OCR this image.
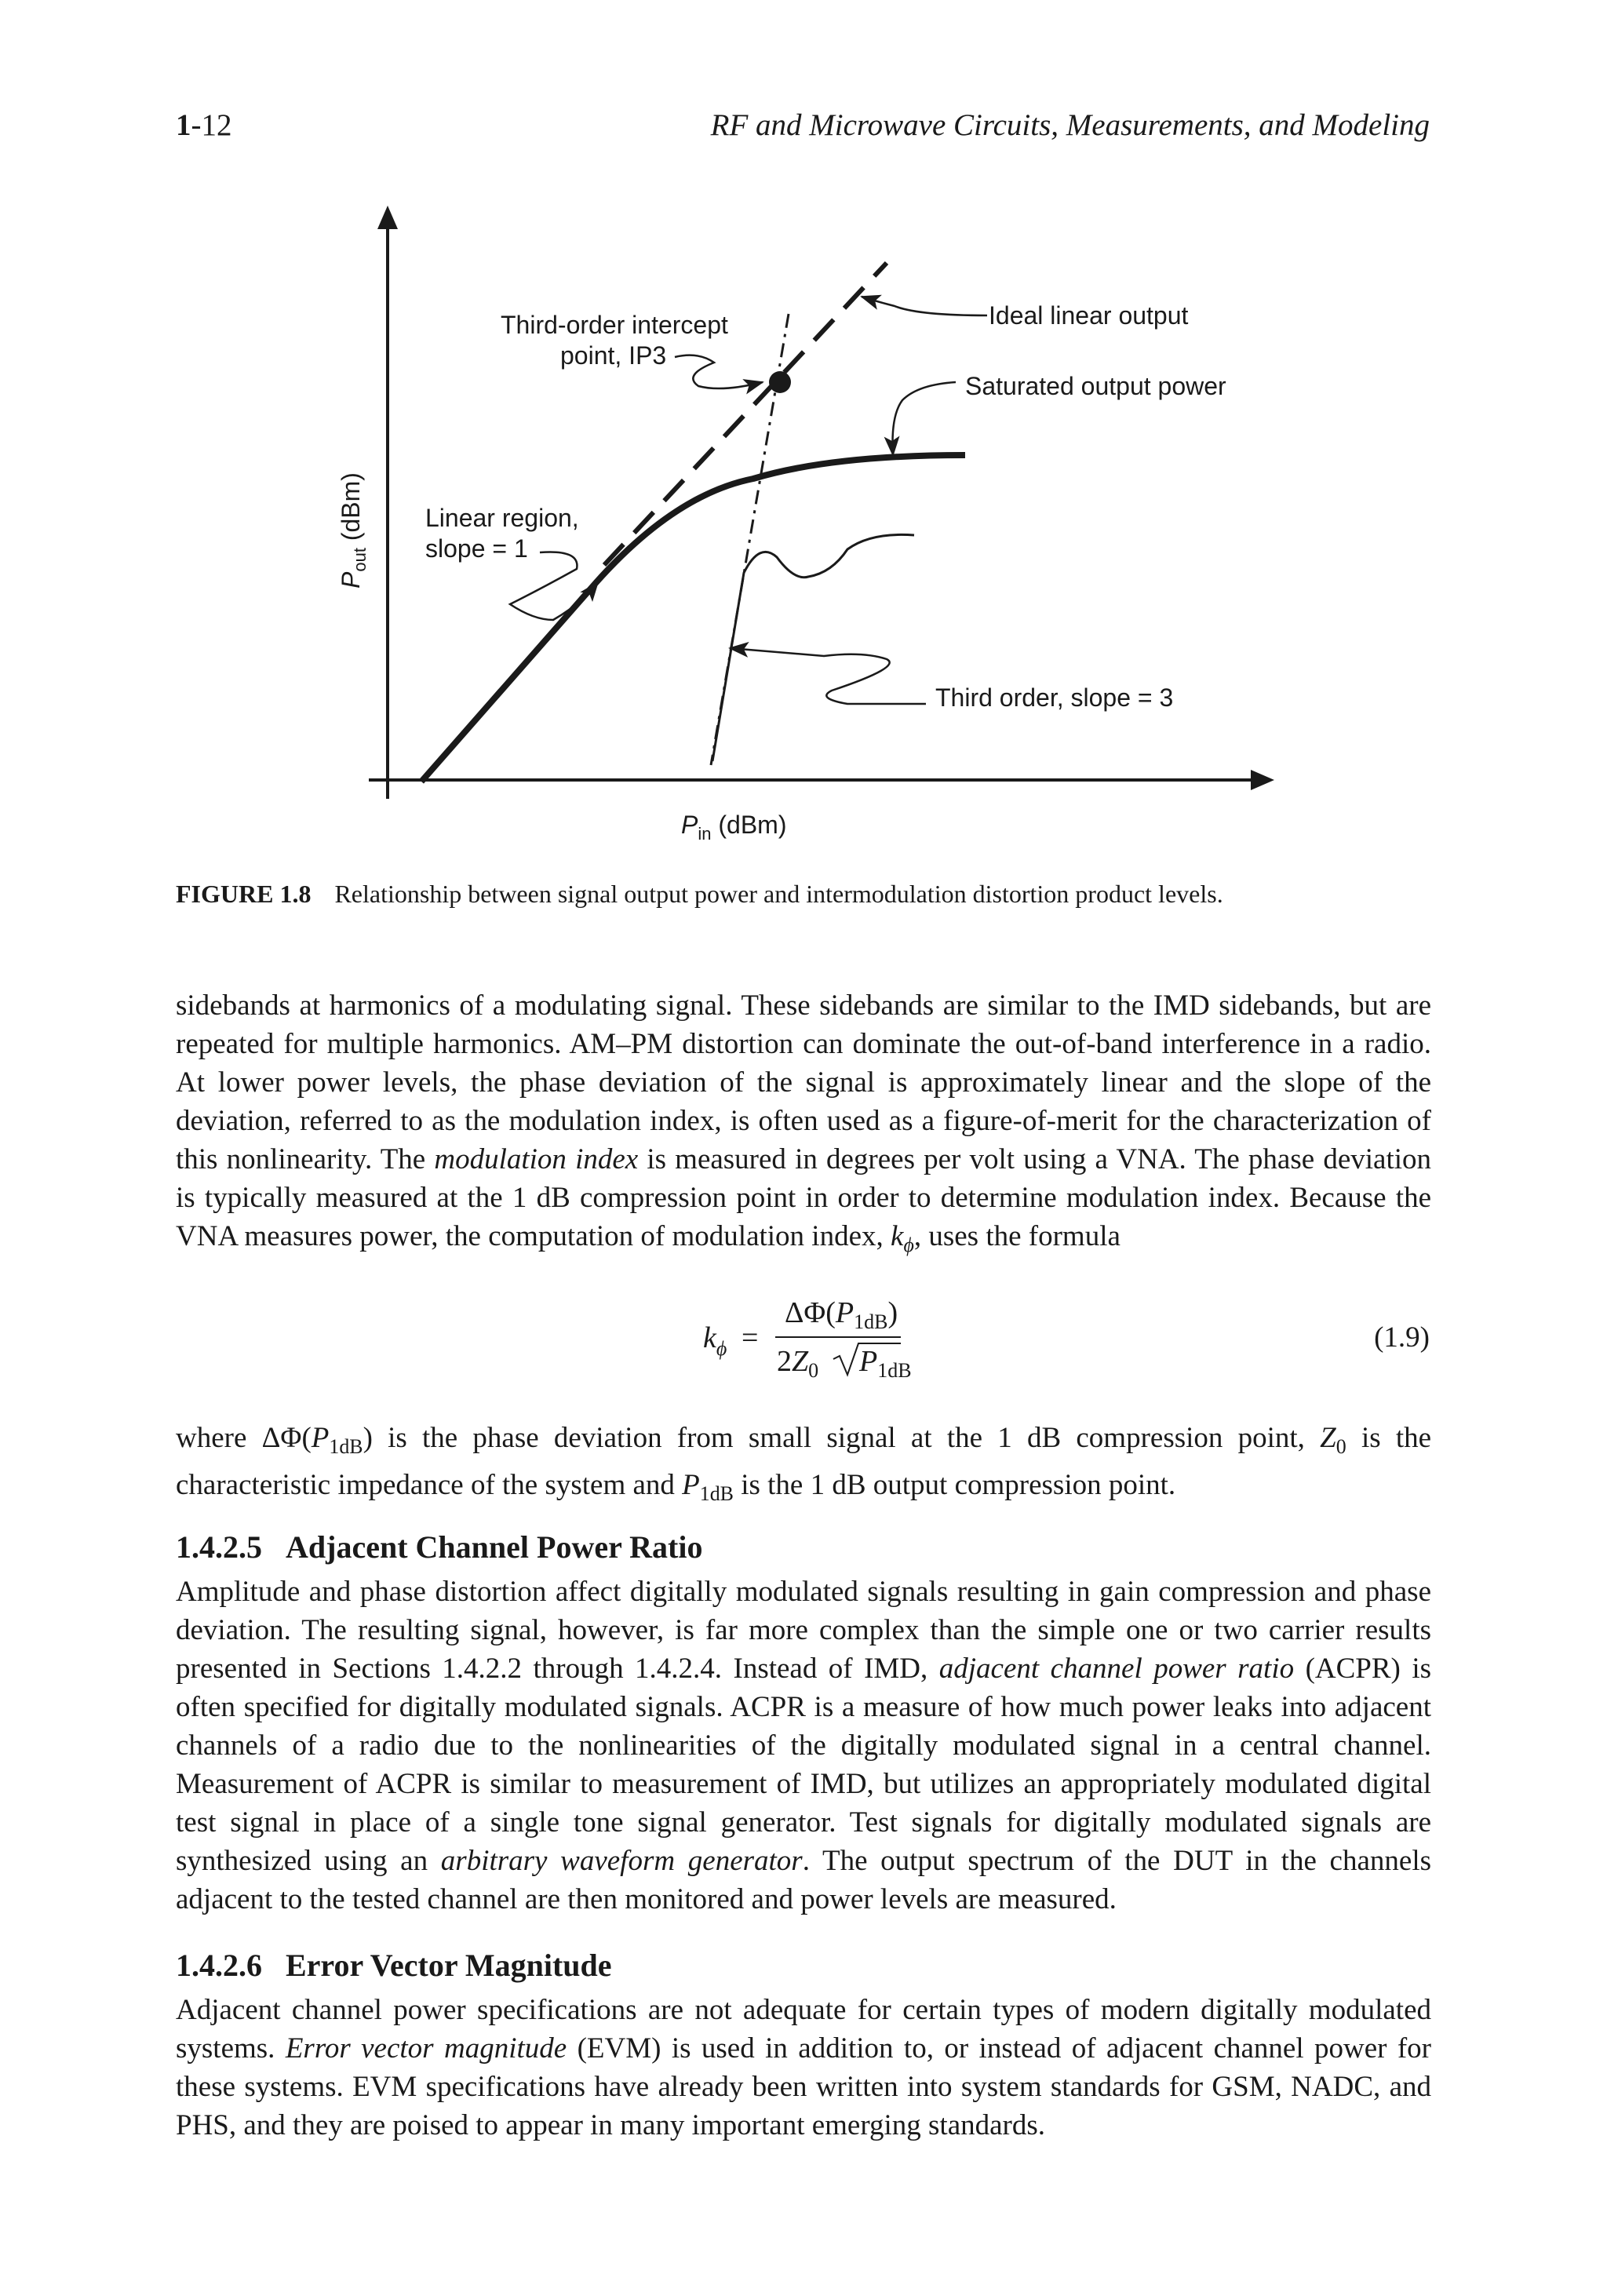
1-12	RF and Microwave Circuits, Measurements, and Modeling
Third-order intercept
point, IP3
Ideal linear output
Saturated output power
Linear region,
slope = 1
Third order, slope = 3
$P_{out}$ (dBm)
$P_{in}$ (dBm)
FIGURE 1.8 Relationship between signal output power and intermodulation distortion product levels.

sidebands at harmonics of a modulating signal. These sidebands are similar to the IMD sidebands, but are repeated for multiple harmonics. AM–PM distortion can dominate the out-of-band interference in a radio. At lower power levels, the phase deviation of the signal is approximately linear and the slope of the deviation, referred to as the modulation index, is often used as a figure-of-merit for the characterization of this nonlinearity. The modulation index is measured in degrees per volt using a VNA. The phase deviation is typically measured at the 1 dB compression point in order to determine modulation index. Because the VNA measures power, the computation of modulation index, $k_\phi$, uses the formula

$k_\phi$ =
$\Delta\Phi(P_{1dB})$
$2Z_0$ $P_{1dB}$
(1.9)

where $\Delta\Phi(P_{1dB})$ is the phase deviation from small signal at the 1 dB compression point, $Z_0$ is the characteristic impedance of the system and $P_{1dB}$ is the 1 dB output compression point.

1.4.2.5 Adjacent Channel Power Ratio

Amplitude and phase distortion affect digitally modulated signals resulting in gain compression and phase deviation. The resulting signal, however, is far more complex than the simple one or two carrier results presented in Sections 1.4.2.2 through 1.4.2.4. Instead of IMD, adjacent channel power ratio (ACPR) is often specified for digitally modulated signals. ACPR is a measure of how much power leaks into adjacent channels of a radio due to the nonlinearities of the digitally modulated signal in a central channel. Measurement of ACPR is similar to measurement of IMD, but utilizes an appropriately modulated digital test signal in place of a single tone signal generator. Test signals for digitally modulated signals are synthesized using an arbitrary waveform generator. The output spectrum of the DUT in the channels adjacent to the tested channel are then monitored and power levels are measured.

1.4.2.6 Error Vector Magnitude

Adjacent channel power specifications are not adequate for certain types of modern digitally modulated systems. Error vector magnitude (EVM) is used in addition to, or instead of adjacent channel power for these systems. EVM specifications have already been written into system standards for GSM, NADC, and PHS, and they are poised to appear in many important emerging standards.
